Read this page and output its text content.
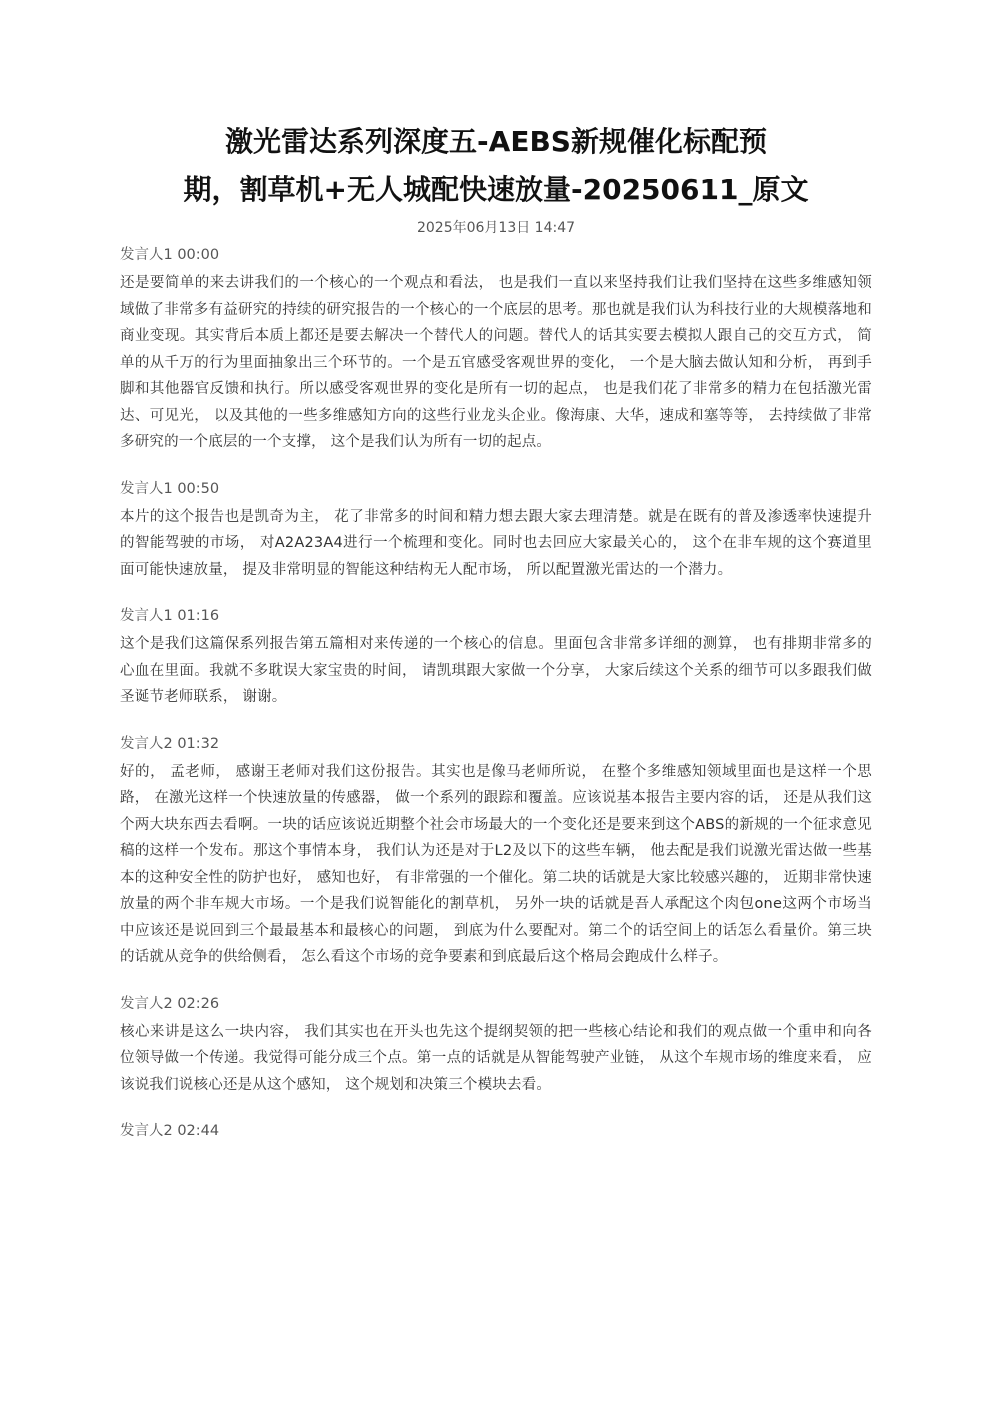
激光雷达系列深度五-AEBS新规催化标配预
期，割草机+无人城配快速放量-20250611_原文
2025年06月13日 14:47
发言人1 00:00

还是要简单的来去讲我们的一个核心的一个观点和看法， 也是我们一直以来坚持我们让我们坚持在这些多维感知领域做了非常多有益研究的持续的研究报告的一个核心的一个底层的思考。那也就是我们认为科技行业的大规模落地和商业变现。其实背后本质上都还是要去解决一个替代人的问题。替代人的话其实要去模拟人跟自己的交互方式， 简单的从千万的行为里面抽象出三个环节的。一个是五官感受客观世界的变化， 一个是大脑去做认知和分析， 再到手脚和其他器官反馈和执行。所以感受客观世界的变化是所有一切的起点， 也是我们花了非常多的精力在包括激光雷达、可见光， 以及其他的一些多维感知方向的这些行业龙头企业。像海康、大华，速成和塞等等， 去持续做了非常多研究的一个底层的一个支撑， 这个是我们认为所有一切的起点。

发言人1 00:50

本片的这个报告也是凯奇为主， 花了非常多的时间和精力想去跟大家去理清楚。就是在既有的普及渗透率快速提升的智能驾驶的市场， 对A2A23A4进行一个梳理和变化。同时也去回应大家最关心的， 这个在非车规的这个赛道里面可能快速放量， 提及非常明显的智能这种结构无人配市场， 所以配置激光雷达的一个潜力。

发言人1 01:16

这个是我们这篇保系列报告第五篇相对来传递的一个核心的信息。里面包含非常多详细的测算， 也有排期非常多的心血在里面。我就不多耽误大家宝贵的时间， 请凯琪跟大家做一个分享， 大家后续这个关系的细节可以多跟我们做圣诞节老师联系， 谢谢。

发言人2 01:32

好的， 孟老师， 感谢王老师对我们这份报告。其实也是像马老师所说， 在整个多维感知领域里面也是这样一个思路， 在激光这样一个快速放量的传感器， 做一个系列的跟踪和覆盖。应该说基本报告主要内容的话， 还是从我们这个两大块东西去看啊。一块的话应该说近期整个社会市场最大的一个变化还是要来到这个ABS的新规的一个征求意见稿的这样一个发布。那这个事情本身， 我们认为还是对于L2及以下的这些车辆， 他去配是我们说激光雷达做一些基本的这种安全性的防护也好， 感知也好， 有非常强的一个催化。第二块的话就是大家比较感兴趣的， 近期非常快速放量的两个非车规大市场。一个是我们说智能化的割草机， 另外一块的话就是吾人承配这个肉包one这两个市场当中应该还是说回到三个最最基本和最核心的问题， 到底为什么要配对。第二个的话空间上的话怎么看量价。第三块的话就从竞争的供给侧看， 怎么看这个市场的竞争要素和到底最后这个格局会跑成什么样子。

发言人2 02:26

核心来讲是这么一块内容， 我们其实也在开头也先这个提纲契领的把一些核心结论和我们的观点做一个重申和向各位领导做一个传递。我觉得可能分成三个点。第一点的话就是从智能驾驶产业链， 从这个车规市场的维度来看， 应该说我们说核心还是从这个感知， 这个规划和决策三个模块去看。

发言人2 02:44
